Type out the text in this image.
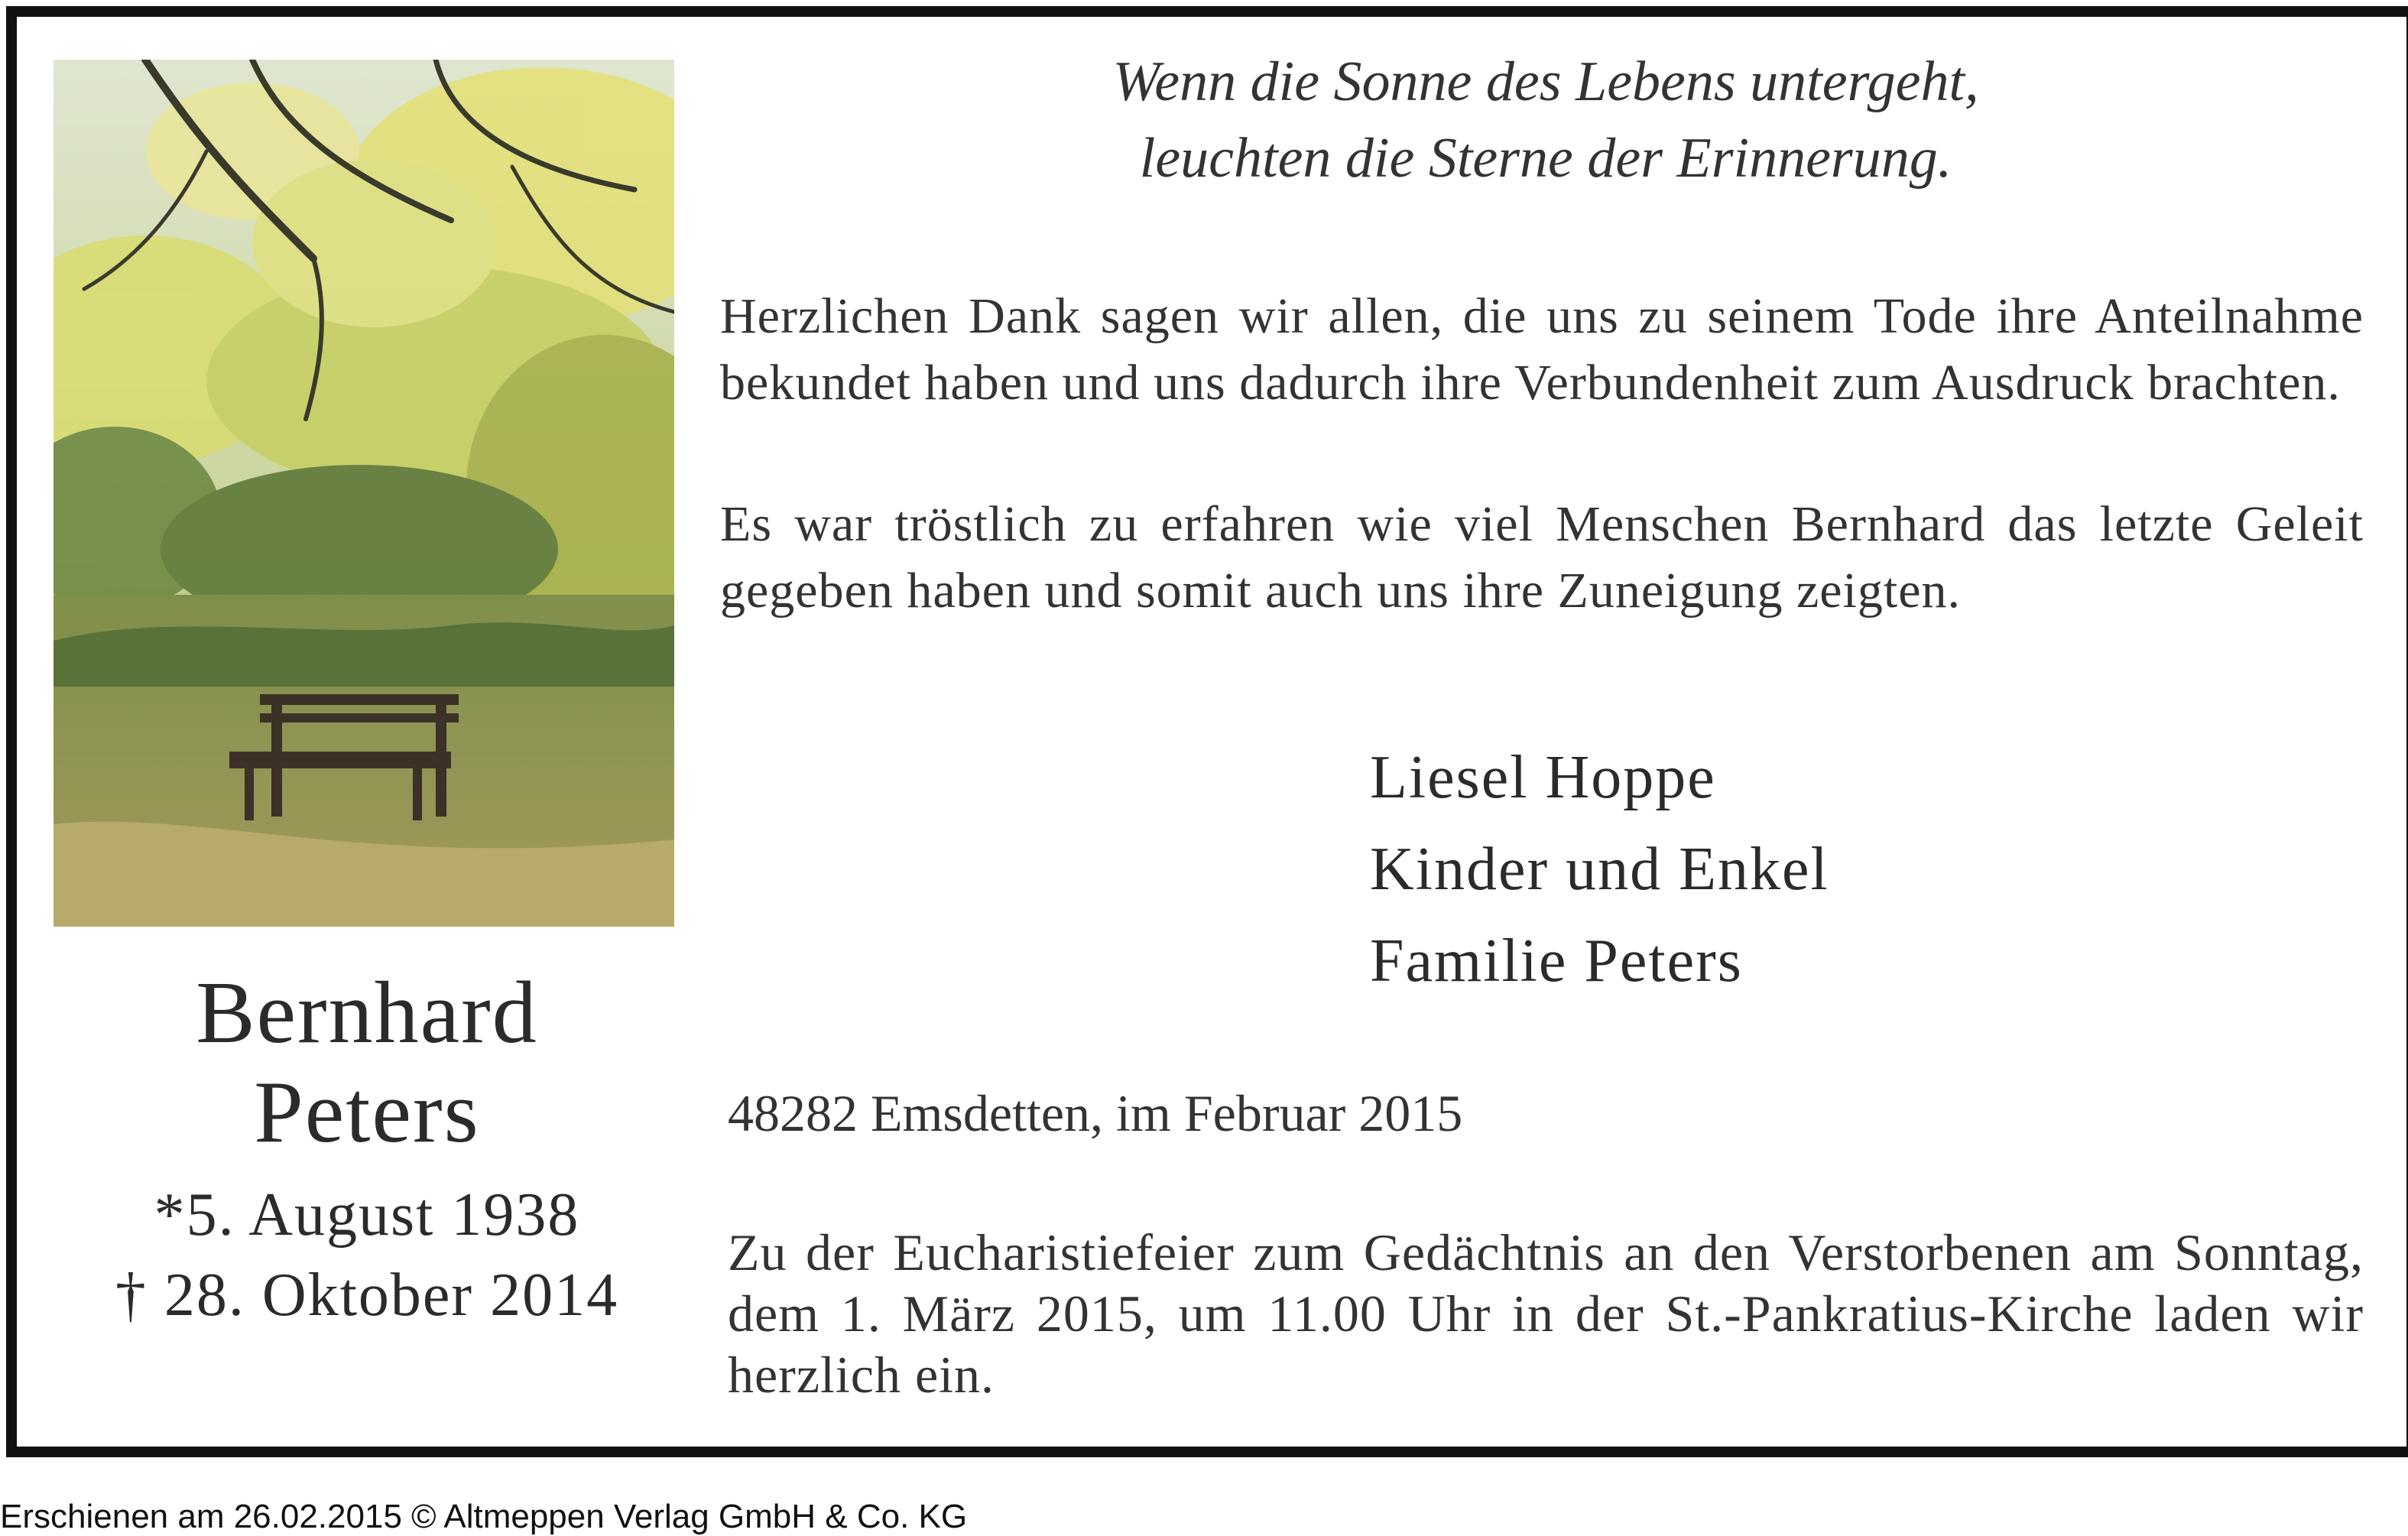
Bernhard
Peters
*5. August 1938
† 28. Oktober 2014
Wenn die Sonne des Lebens untergeht,
leuchten die Sterne der Erinnerung.
Herzlichen Dank sagen wir allen, die uns zu seinem Tode ihre Anteilnahme bekundet haben und uns dadurch ihre Verbundenheit zum Ausdruck brachten.
Es war tröstlich zu erfahren wie viel Menschen Bernhard das letzte Geleit gegeben haben und somit auch uns ihre Zuneigung zeigten.
Liesel Hoppe
Kinder und Enkel
Familie Peters
48282 Emsdetten, im Februar 2015
Zu der Eucharistiefeier zum Gedächtnis an den Verstorbenen am Sonntag, dem 1. März 2015, um 11.00 Uhr in der St.-Pankratius-Kirche laden wir herzlich ein.
Erschienen am 26.02.2015 © Altmeppen Verlag GmbH & Co. KG
